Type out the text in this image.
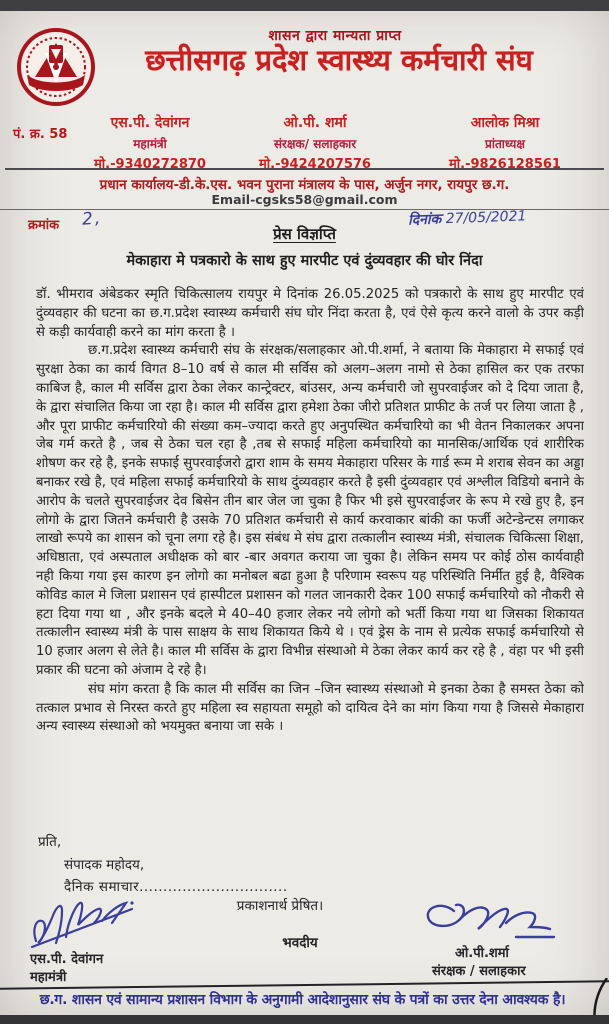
शासन द्वारा मान्यता प्राप्त
छत्तीसगढ़ प्रदेश स्वास्थ्य कर्मचारी संघ
पं. क्र. 58
एस.पी. देवांगन
महामंत्री
मो.-9340272870
ओ.पी. शर्मा
संरक्षक/ सलाहकार
मो.-9424207576
आलोक मिश्रा
प्रांताध्यक्ष
मो.-9826128561
प्रधान कार्यालय-डी.के.एस. भवन पुराना मंत्रालय के पास, अर्जुन नगर, रायपुर छ.ग.
Email-cgsks58@gmail.com
क्रमांक 2,	दिनांक 27/05/2021
प्रेस विज्ञप्ति
मेकाहारा मे पत्रकारो के साथ हुए मारपीट एवं दुंव्यवहार की घोर निंदा

डॉ. भीमराव अंबेडकर स्मृति चिकित्सालय रायपुर मे दिनांक 26.05.2025 को पत्रकारो के साथ हुए मारपीट एवं दुंव्यवहार की घटना का छ.ग.प्रदेश स्वास्थ्य कर्मचारी संघ घोर निंदा करता है, एवं ऐसे कृत्य करने वालो के उपर कड़ी से कड़ी कार्यवाही करने का मांग करता है ।

छ.ग.प्रदेश स्वास्थ्य कर्मचारी संघ के संरक्षक/सलाहकार ओ.पी.शर्मा, ने बताया कि मेकाहारा मे सफाई एवं सुरक्षा ठेका का कार्य विगत 8–10 वर्ष से काल मी सर्विस को अलग–अलग नामो से ठेका हासिल कर एक तरफा काबिज है, काल मी सर्विस द्वारा ठेका लेकर कान्ट्रेक्टर, बांउसर, अन्य कर्मचारी जो सुपरवाईजर को दे दिया जाता है, के द्वारा संचालित किया जा रहा है। काल मी सर्विस द्वारा हमेशा ठेका जीरो प्रतिशत प्राफीट के तर्ज पर लिया जाता है , और पूरा प्राफीट कर्मचारियो की संख्या कम–ज्यादा करते हुए अनुपस्थित कर्मचारियो का भी वेतन निकालकर अपना जेब गर्म करते है , जब से ठेका चल रहा है ,तब से सफाई महिला कर्मचारियो का मानसिक/आर्थिक एवं शारीरिक शोषण कर रहे है, इनके सफाई सुपरवाईजरो द्वारा शाम के समय मेकाहारा परिसर के गार्ड रूम मे शराब सेवन का अड्डा बनाकर रखे है, एवं महिला सफाई कर्मचारियो के साथ दुंव्यवहार करते है इसी दुंव्यवहार एवं अश्लील विडियो बनाने के आरोप के चलते सुपरवाईजर देव बिसेन तीन बार जेल जा चुका है फिर भी इसे सुपरवाईजर के रूप मे रखे हुए है, इन लोगो के द्वारा जितने कर्मचारी है उसके 70 प्रतिशत कर्मचारी से कार्य करवाकार बांकी का फर्जी अटेन्डेन्टस लगाकर लाखो रूपये का शासन को चूना लगा रहे है। इस संबंध मे संघ द्वारा तत्कालीन स्वास्थ्य मंत्री, संचालक चिकित्सा शिक्षा, अधिष्ठाता, एवं अस्पताल अधीक्षक को बार -बार अवगत कराया जा चुका है। लेकिन समय पर कोई ठोस कार्यवाही नही किया गया इस कारण इन लोगो का मनोबल बढा हुआ है परिणाम स्वरूप यह परिस्थिति निर्मीत हुई है, वैश्विक कोविड काल मे जिला प्रशासन एवं हास्पीटल प्रशासन को गलत जानकारी देकर 100 सफाई कर्मचारियो को नौकरी से हटा दिया गया था , और इनके बदले मे 40–40 हजार लेकर नये लोगो को भर्ती किया गया था जिसका शिकायत तत्कालीन स्वास्थ्य मंत्री के पास साक्षय के साथ शिकायत किये थे । एवं ड्रेस के नाम से प्रत्येक सफाई कर्मचारियो से 10 हजार अलग से लेते है। काल मी सर्विस के द्वारा विभीन्न संस्थाओ मे ठेका लेकर कार्य कर रहे है , वंहा पर भी इसी प्रकार की घटना को अंजाम दे रहे है।

संघ मांग करता है कि काल मी सर्विस का जिन –जिन स्वास्थ्य संस्थाओ मे इनका ठेका है समस्त ठेका को तत्काल प्रभाव से निरस्त करते हुए महिला स्व सहायता समूहो को दायित्व देने का मांग किया गया है जिससे मेकाहारा अन्य स्वास्थ्य संस्थाओ को भयमुक्त बनाया जा सके ।

प्रति,
संपादक महोदय,
दैनिक समाचार...............................
प्रकाशनार्थ प्रेषित।
भवदीय
एस.पी. देवांगन
महामंत्री
ओ.पी.शर्मा
संरक्षक / सलाहकार
छ.ग. शासन एवं सामान्य प्रशासन विभाग के अनुगामी आदेशानुसार संघ के पत्रों का उत्तर देना आवश्यक है।
